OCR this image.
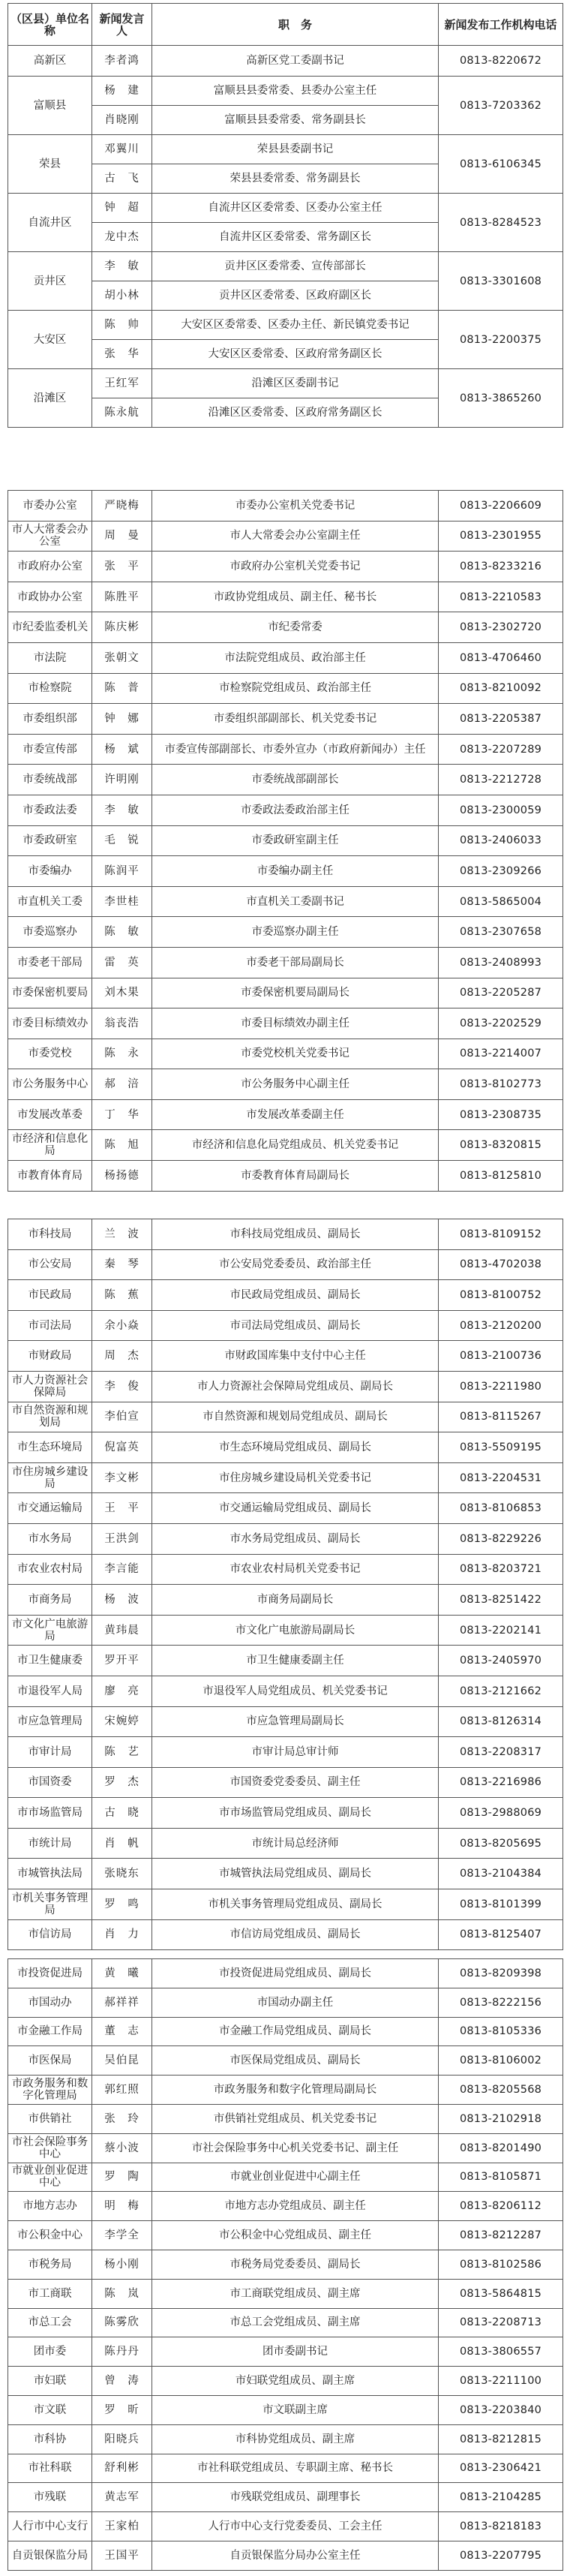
（区县）单位名称	新闻发言人	职　务	新闻发布工作机构电话
高新区	李者鸿	高新区党工委副书记	0813-8220672
富顺县	杨　建	富顺县县委常委、县委办公室主任	0813-7203362
	肖晓刚	富顺县县委常委、常务副县长	
荣县	邓翼川	荣县县委副书记	0813-6106345
	古　飞	荣县县委常委、常务副县长	
自流井区	钟　超	自流井区区委常委、区委办公室主任	0813-8284523
	龙中杰	自流井区区委常委、常务副区长	
贡井区	李　敏	贡井区区委常委、宣传部部长	0813-3301608
	胡小林	贡井区区委常委、区政府副区长	
大安区	陈　帅	大安区区委常委、区委办主任、新民镇党委书记	0813-2200375
	张　华	大安区区委常委、区政府常务副区长	
沿滩区	王红军	沿滩区区委副书记	0813-3865260
	陈永航	沿滩区区委常委、区政府常务副区长	
市委办公室	严晓梅	市委办公室机关党委书记	0813-2206609
市人大常委会办公室	周　曼	市人大常委会办公室副主任	0813-2301955
市政府办公室	张　平	市政府办公室机关党委书记	0813-8233216
市政协办公室	陈胜平	市政协党组成员、副主任、秘书长	0813-2210583
市纪委监委机关	陈庆彬	市纪委常委	0813-2302720
市法院	张朝文	市法院党组成员、政治部主任	0813-4706460
市检察院	陈　普	市检察院党组成员、政治部主任	0813-8210092
市委组织部	钟　娜	市委组织部副部长、机关党委书记	0813-2205387
市委宣传部	杨　斌	市委宣传部副部长、市委外宣办（市政府新闻办）主任	0813-2207289
市委统战部	许明刚	市委统战部副部长	0813-2212728
市委政法委	李　敏	市委政法委政治部主任	0813-2300059
市委政研室	毛　锐	市委政研室副主任	0813-2406033
市委编办	陈润平	市委编办副主任	0813-2309266
市直机关工委	李世桂	市直机关工委副书记	0813-5865004
市委巡察办	陈　敏	市委巡察办副主任	0813-2307658
市委老干部局	雷　英	市委老干部局副局长	0813-2408993
市委保密机要局	刘木果	市委保密机要局副局长	0813-2205287
市委目标绩效办	翁丧浩	市委目标绩效办副主任	0813-2202529
市委党校	陈　永	市委党校机关党委书记	0813-2214007
市公务服务中心	郝　涪	市公务服务中心副主任	0813-8102773
市发展改革委	丁　华	市发展改革委副主任	0813-2308735
市经济和信息化局	陈　旭	市经济和信息化局党组成员、机关党委书记	0813-8320815
市教育体育局	杨扬德	市委教育体育局副局长	0813-8125810
市科技局	兰　波	市科技局党组成员、副局长	0813-8109152
市公安局	秦　琴	市公安局党委委员、政治部主任	0813-4702038
市民政局	陈　蕉	市民政局党组成员、副局长	0813-8100752
市司法局	余小焱	市司法局党组成员、副局长	0813-2120200
市财政局	周　杰	市财政国库集中支付中心主任	0813-2100736
市人力资源社会保障局	李　俊	市人力资源社会保障局党组成员、副局长	0813-2211980
市自然资源和规划局	李伯宣	市自然资源和规划局党组成员、副局长	0813-8115267
市生态环境局	倪富英	市生态环境局党组成员、副局长	0813-5509195
市住房城乡建设局	李文彬	市住房城乡建设局机关党委书记	0813-2204531
市交通运输局	王　平	市交通运输局党组成员、副局长	0813-8106853
市水务局	王洪剑	市水务局党组成员、副局长	0813-8229226
市农业农村局	李言能	市农业农村局机关党委书记	0813-8203721
市商务局	杨　波	市商务局副局长	0813-8251422
市文化广电旅游局	黄玮晨	市文化广电旅游局副局长	0813-2202141
市卫生健康委	罗开平	市卫生健康委副主任	0813-2405970
市退役军人局	廖　亮	市退役军人局党组成员、机关党委书记	0813-2121662
市应急管理局	宋婉婷	市应急管理局副局长	0813-8126314
市审计局	陈　艺	市审计局总审计师	0813-2208317
市国资委	罗　杰	市国资委党委委员、副主任	0813-2216986
市市场监管局	古　晓	市市场监管局党组成员、副局长	0813-2988069
市统计局	肖　帆	市统计局总经济师	0813-8205695
市城管执法局	张晓东	市城管执法局党组成员、副局长	0813-2104384
市机关事务管理局	罗　鸣	市机关事务管理局党组成员、副局长	0813-8101399
市信访局	肖　力	市信访局党组成员、副局长	0813-8125407
市投资促进局	黄　曦	市投资促进局党组成员、副局长	0813-8209398
市国动办	郝祥祥	市国动办副主任	0813-8222156
市金融工作局	董　志	市金融工作局党组成员、副局长	0813-8105336
市医保局	吴伯昆	市医保局党组成员、副局长	0813-8106002
市政务服务和数字化管理局	郭红照	市政务服务和数字化管理局副局长	0813-8205568
市供销社	张　玲	市供销社党组成员、机关党委书记	0813-2102918
市社会保险事务中心	蔡小波	市社会保险事务中心机关党委书记、副主任	0813-8201490
市就业创业促进中心	罗　陶	市就业创业促进中心副主任	0813-8105871
市地方志办	明　梅	市地方志办党组成员、副主任	0813-8206112
市公积金中心	李学全	市公积金中心党组成员、副主任	0813-8212287
市税务局	杨小刚	市税务局党委委员、副局长	0813-8102586
市工商联	陈　岚	市工商联党组成员、副主席	0813-5864815
市总工会	陈雾欣	市总工会党组成员、副主席	0813-2208713
团市委	陈丹丹	团市委副书记	0813-3806557
市妇联	曾　涛	市妇联党组成员、副主席	0813-2211100
市文联	罗　昕	市文联副主席	0813-2203840
市科协	阳晓兵	市科协党组成员、副主席	0813-8212815
市社科联	舒利彬	市社科联党组成员、专职副主席、秘书长	0813-2306421
市残联	黄志军	市残联党组成员、副理事长	0813-2104285
人行市中心支行	王家柏	人行市中心支行党委委员、工会主任	0813-8218183
自贡银保监分局	王国平	自贡银保监分局办公室主任	0813-2207795
